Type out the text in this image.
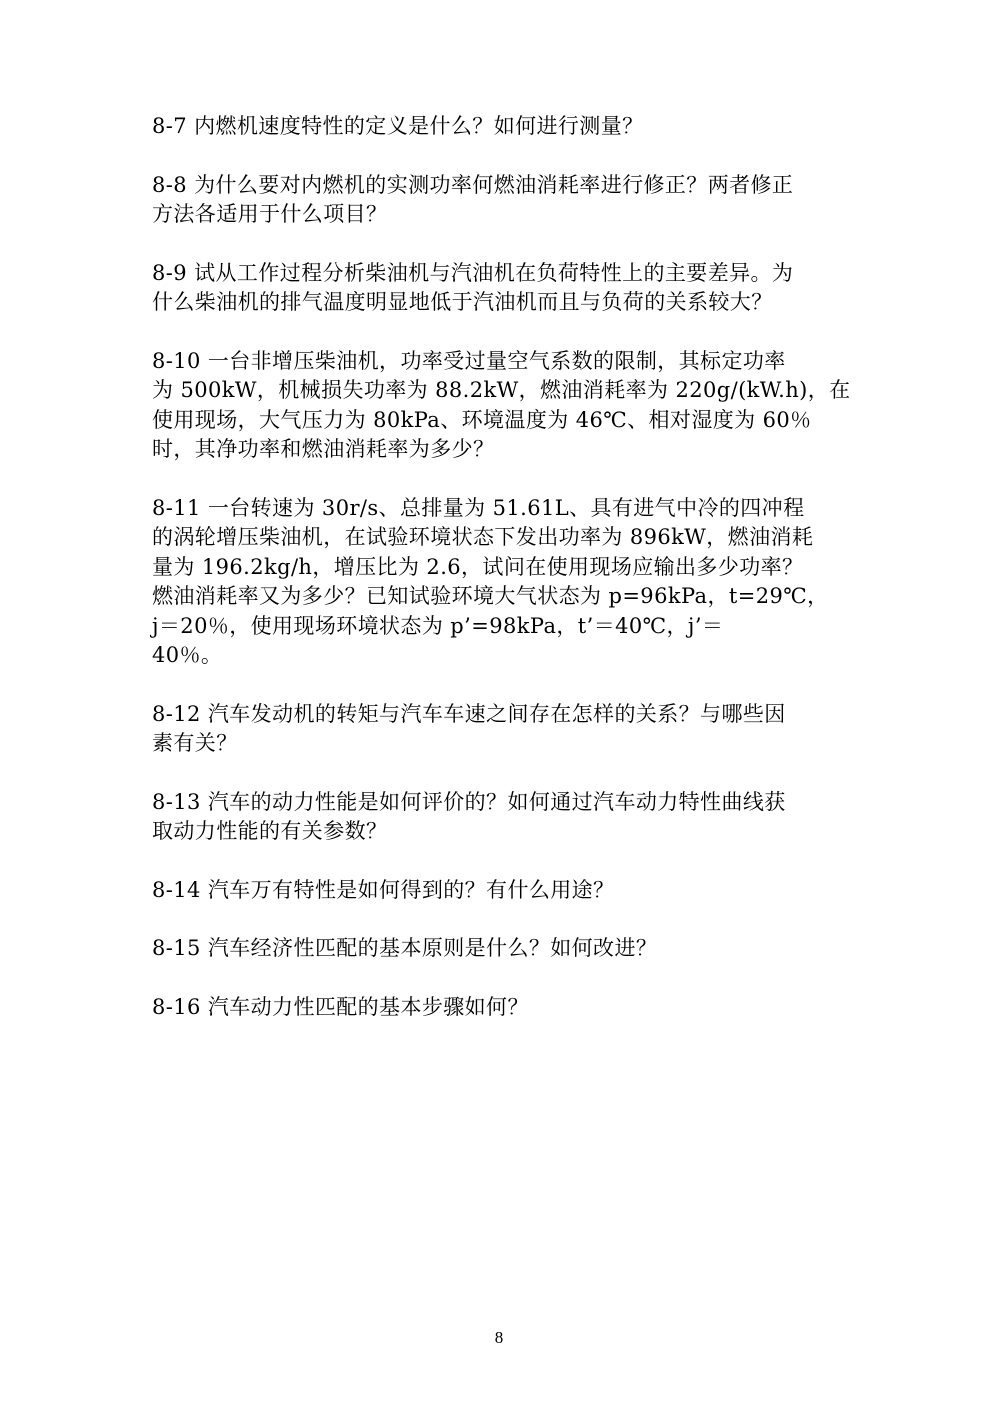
8-7 内燃机速度特性的定义是什么？如何进行测量？
8-8 为什么要对内燃机的实测功率何燃油消耗率进行修正？两者修正
方法各适用于什么项目？
8-9 试从工作过程分析柴油机与汽油机在负荷特性上的主要差异。为
什么柴油机的排气温度明显地低于汽油机而且与负荷的关系较大？
8-10 一台非增压柴油机，功率受过量空气系数的限制，其标定功率
为 500kW，机械损失功率为 88.2kW，燃油消耗率为 220g/(kW.h)，在
使用现场，大气压力为 80kPa、环境温度为 46℃、相对湿度为 60％
时，其净功率和燃油消耗率为多少？
8-11 一台转速为 30r/s、总排量为 51.61L、具有进气中冷的四冲程
的涡轮增压柴油机，在试验环境状态下发出功率为 896kW，燃油消耗
量为 196.2kg/h，增压比为 2.6，试问在使用现场应输出多少功率？
燃油消耗率又为多少？已知试验环境大气状态为 p=96kPa，t=29℃，
j＝20％，使用现场环境状态为 p’=98kPa，t’＝40℃，j’＝
40％。
8-12 汽车发动机的转矩与汽车车速之间存在怎样的关系？与哪些因
素有关？
8-13 汽车的动力性能是如何评价的？如何通过汽车动力特性曲线获
取动力性能的有关参数？
8-14 汽车万有特性是如何得到的？有什么用途？
8-15 汽车经济性匹配的基本原则是什么？如何改进？
8-16 汽车动力性匹配的基本步骤如何？
8
